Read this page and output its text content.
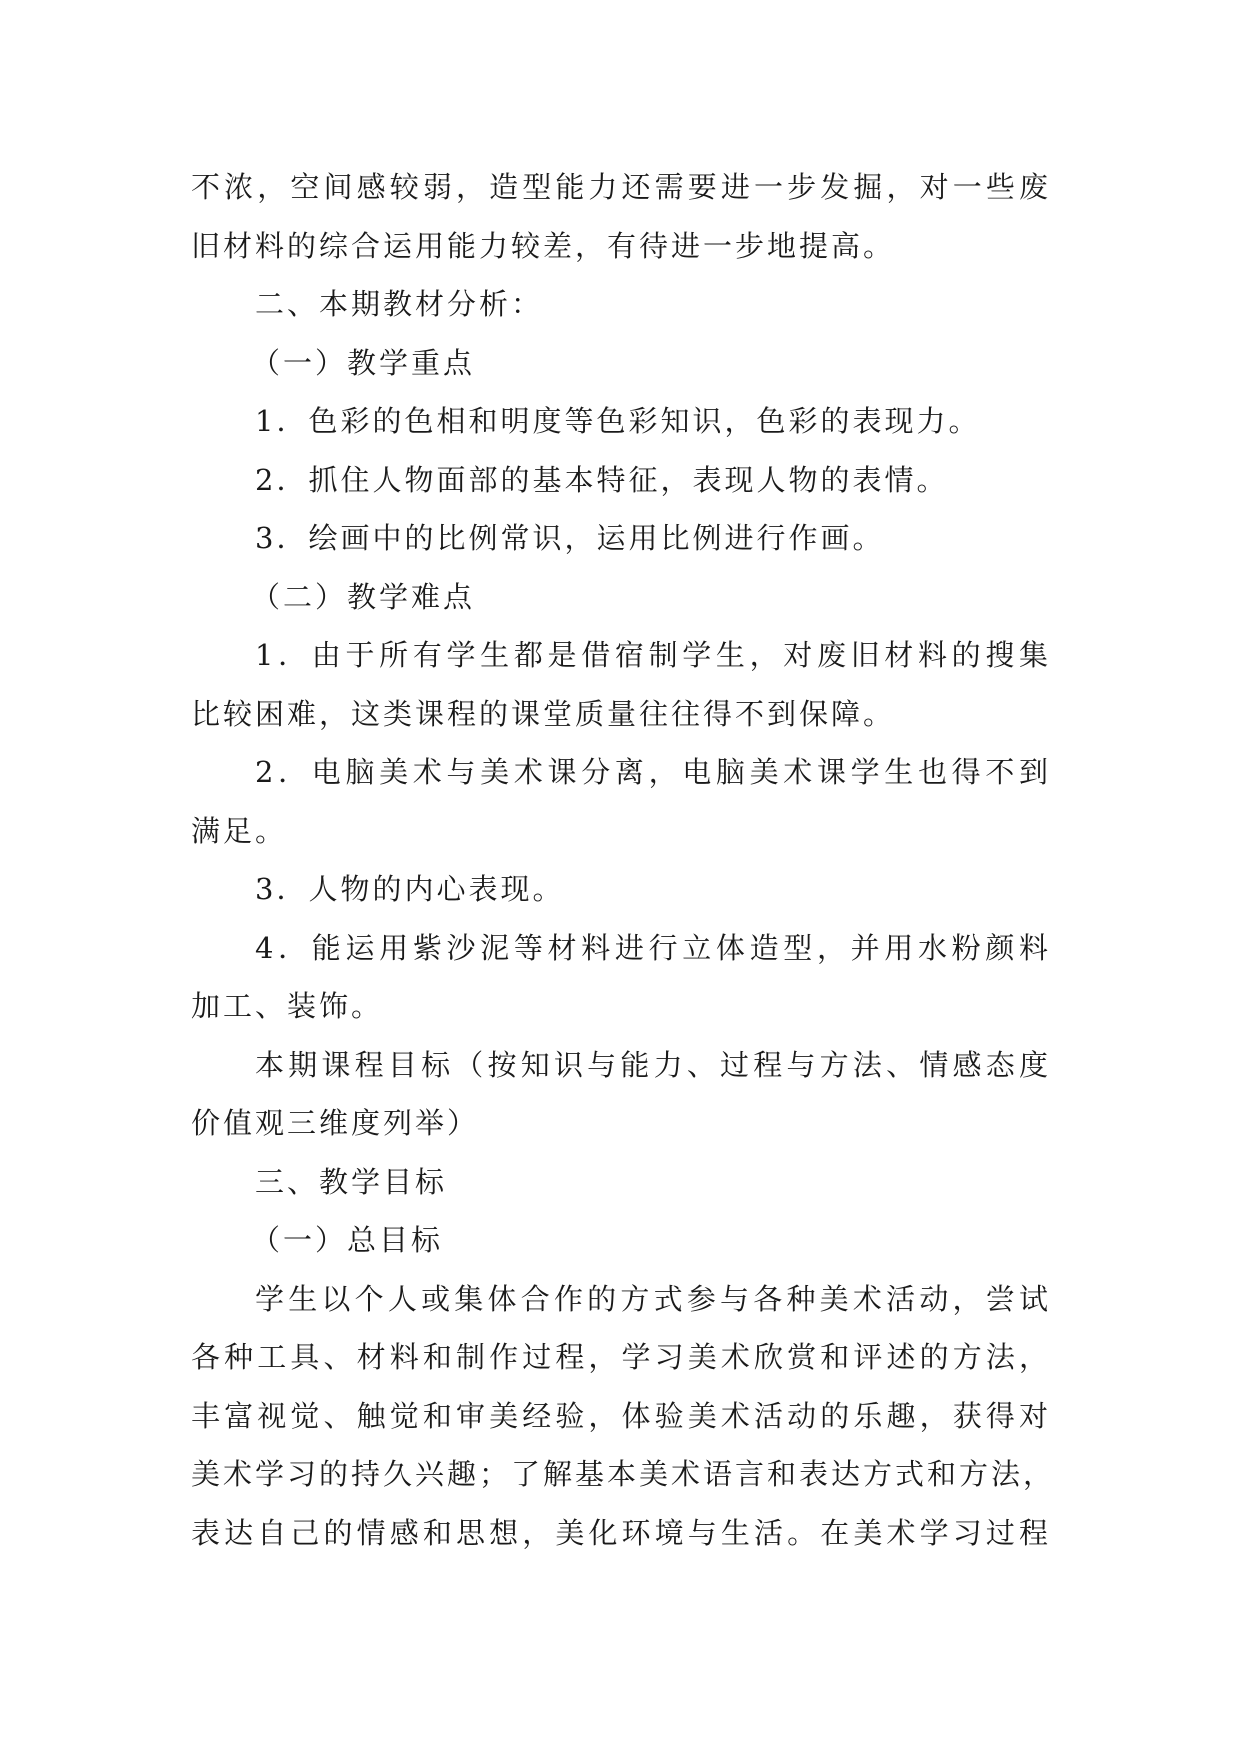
不浓，空间感较弱，造型能力还需要进一步发掘，对一些废
旧材料的综合运用能力较差，有待进一步地提高。
二、本期教材分析：
（一）教学重点
1．色彩的色相和明度等色彩知识，色彩的表现力。
2．抓住人物面部的基本特征，表现人物的表情。
3．绘画中的比例常识，运用比例进行作画。
（二）教学难点
1．由于所有学生都是借宿制学生，对废旧材料的搜集
比较困难，这类课程的课堂质量往往得不到保障。
2．电脑美术与美术课分离，电脑美术课学生也得不到
满足。
3．人物的内心表现。
4．能运用紫沙泥等材料进行立体造型，并用水粉颜料
加工、装饰。
本期课程目标（按知识与能力、过程与方法、情感态度
价值观三维度列举）
三、教学目标
（一）总目标
学生以个人或集体合作的方式参与各种美术活动，尝试
各种工具、材料和制作过程，学习美术欣赏和评述的方法，
丰富视觉、触觉和审美经验，体验美术活动的乐趣，获得对
美术学习的持久兴趣；了解基本美术语言和表达方式和方法，
表达自己的情感和思想，美化环境与生活。在美术学习过程
